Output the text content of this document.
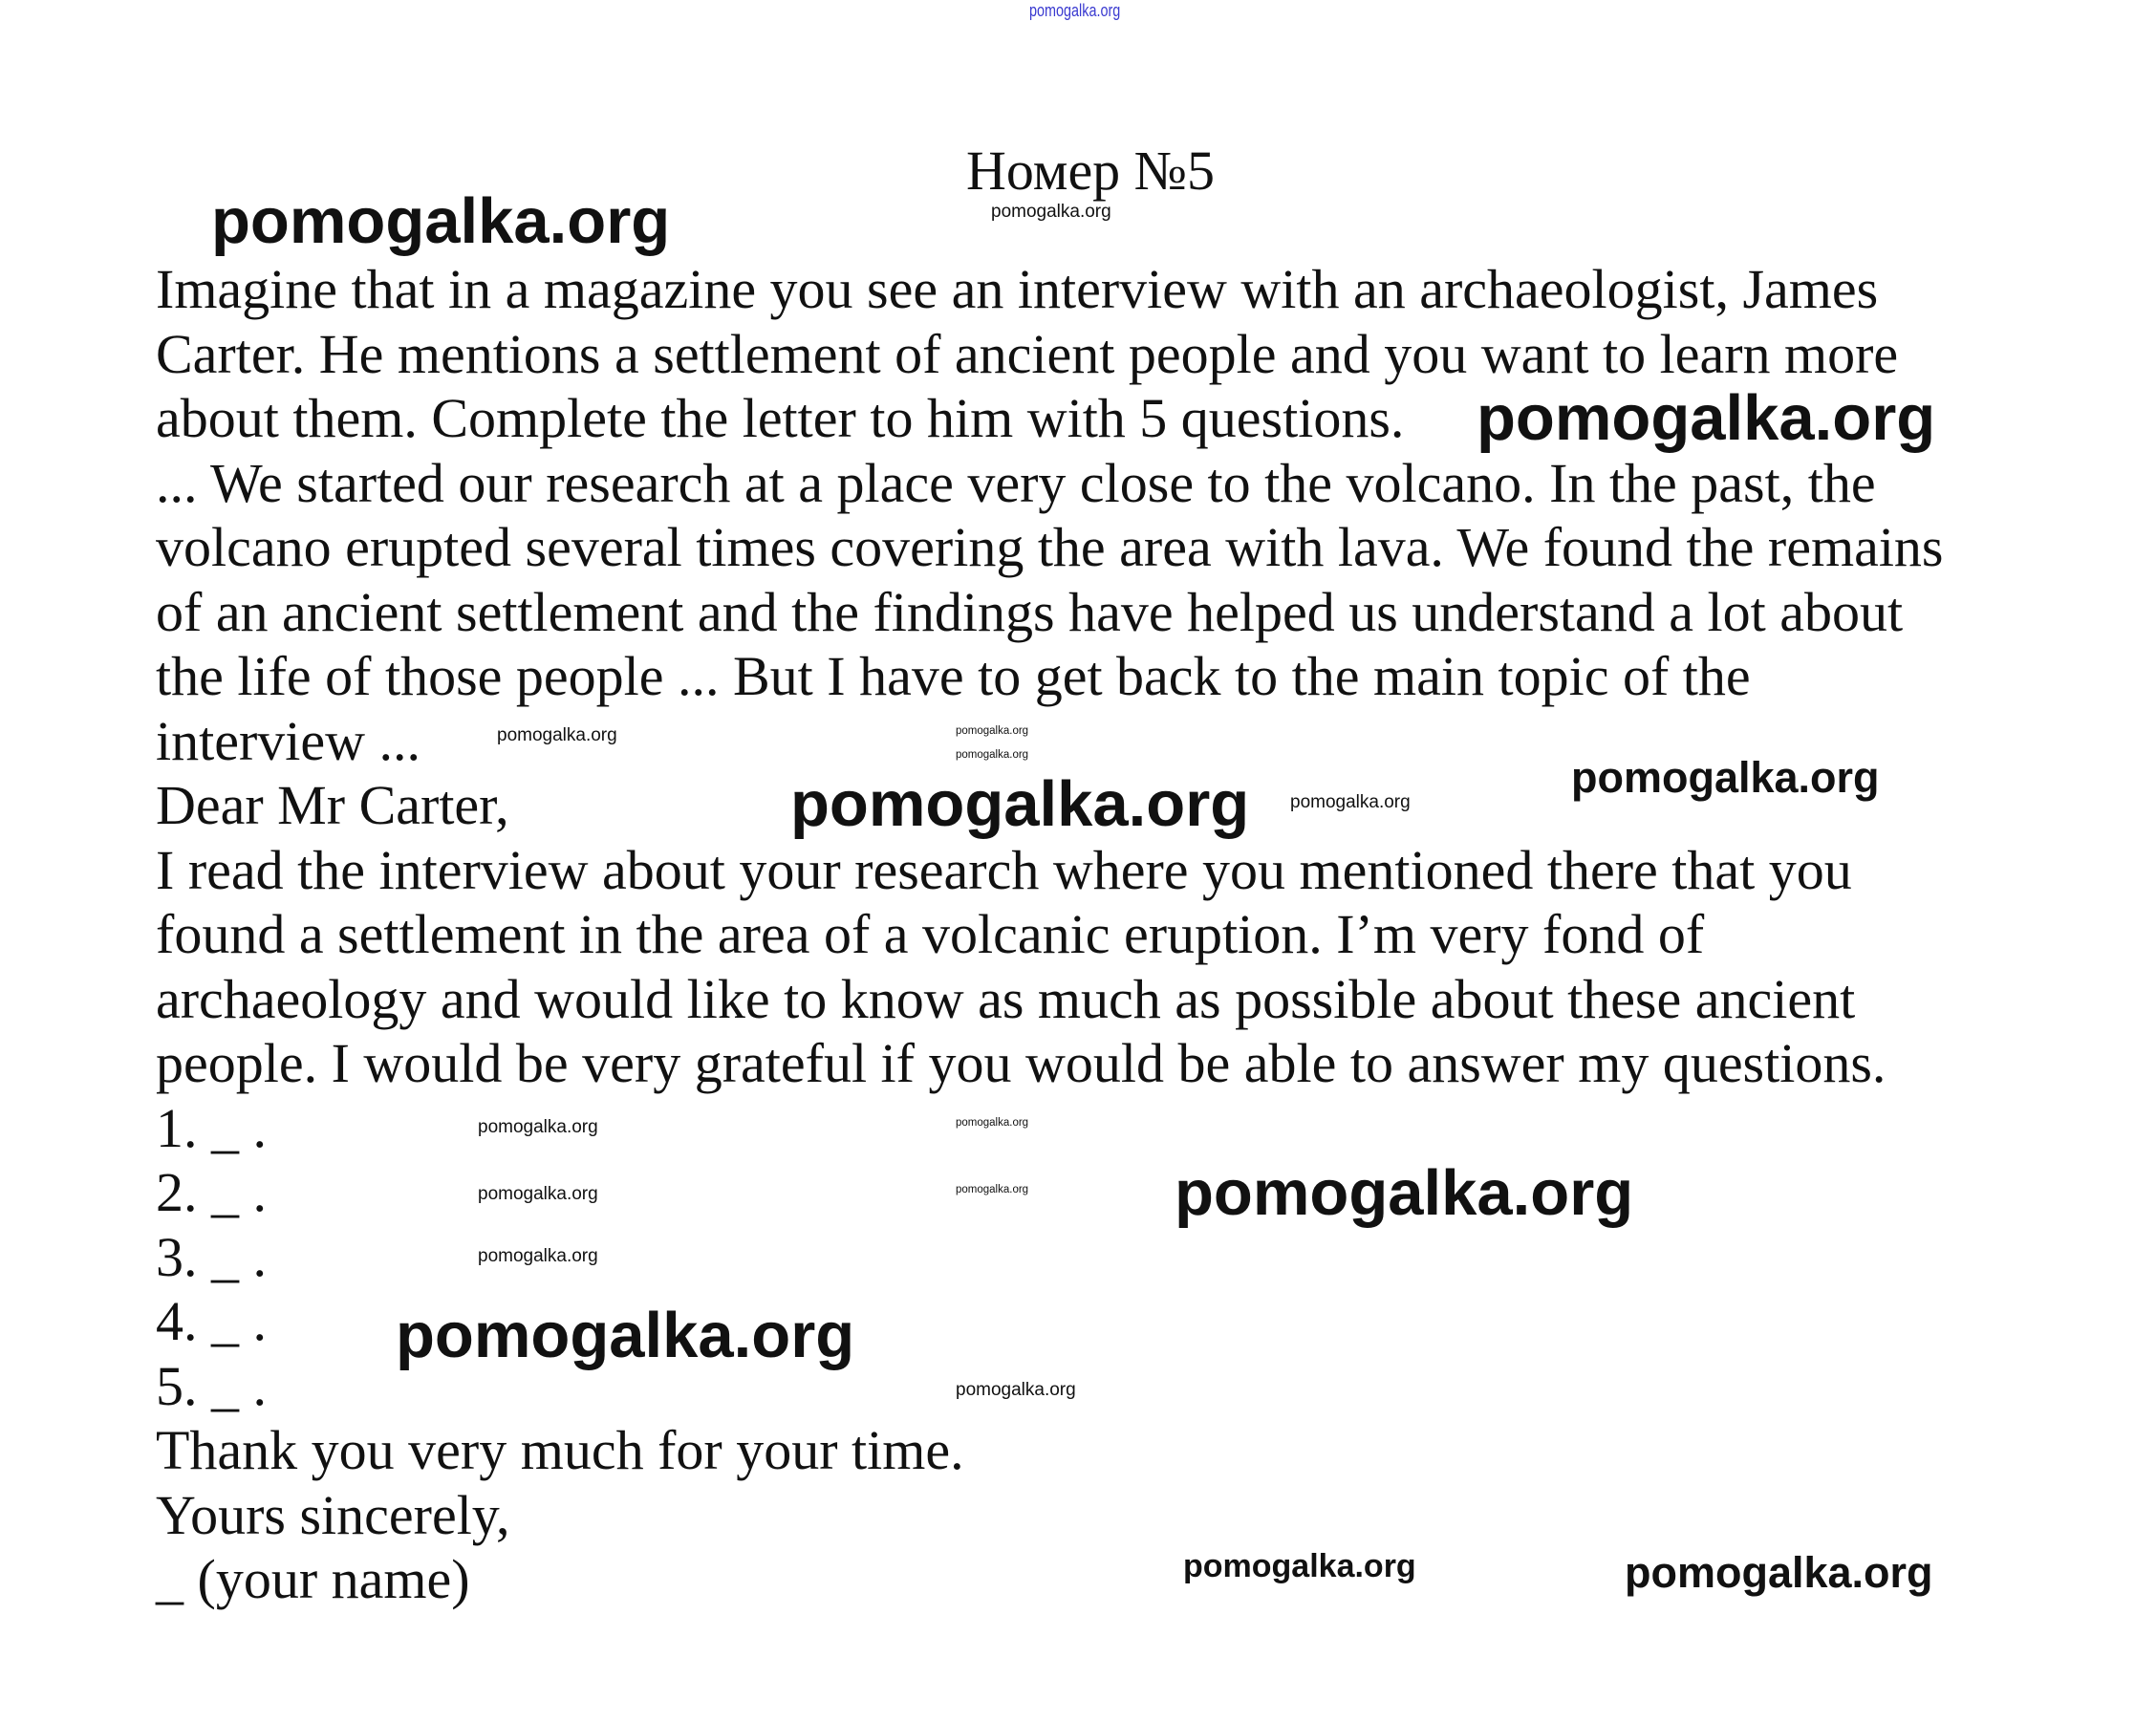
pomogalka.org
Номер №5
Imagine that in a magazine you see an interview with an archaeologist, James
Carter. He mentions a settlement of ancient people and you want to learn more
about them. Complete the letter to him with 5 questions.
... We started our research at a place very close to the volcano. In the past, the
volcano erupted several times covering the area with lava. We found the remains
of an ancient settlement and the findings have helped us understand a lot about
the life of those people ... But I have to get back to the main topic of the
interview ...
Dear Mr Carter,
I read the interview about your research where you mentioned there that you
found a settlement in the area of a volcanic eruption. I’m very fond of
archaeology and would like to know as much as possible about these ancient
people. I would be very grateful if you would be able to answer my questions.
1. _ .
2. _ .
3. _ .
4. _ .
5. _ .
Thank you very much for your time.
Yours sincerely,
_ (your name)
pomogalka.org
pomogalka.org
pomogalka.org
pomogalka.org
pomogalka.org
pomogalka.org
pomogalka.org	pomogalka.org
pomogalka.org
pomogalka.org
pomogalka.org
pomogalka.org
pomogalka.org
pomogalka.org
pomogalka.org
pomogalka.org
pomogalka.org
pomogalka.org
pomogalka.org
